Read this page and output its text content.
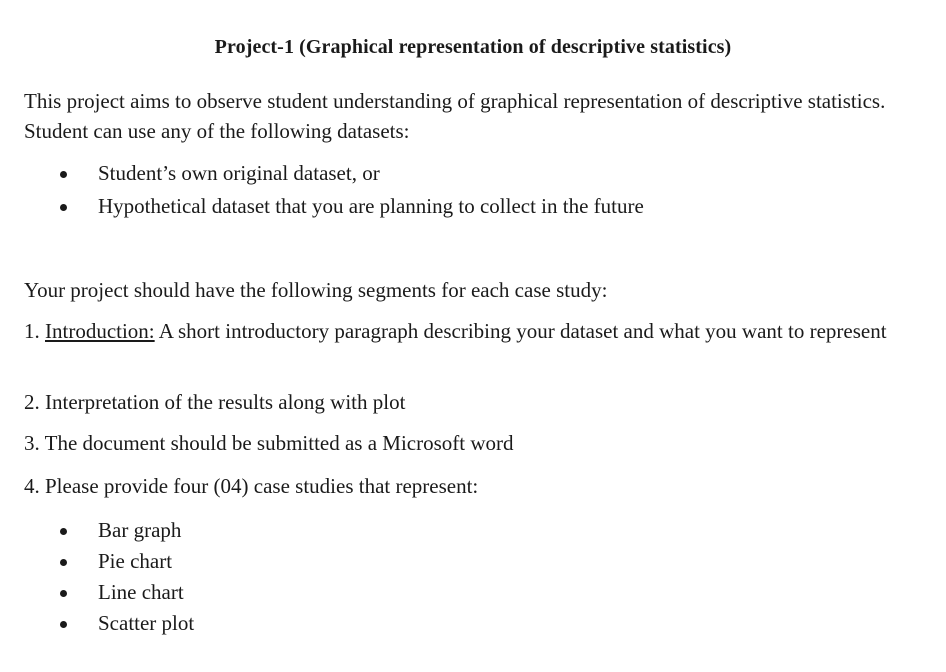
Project-1 (Graphical representation of descriptive statistics)
This project aims to observe student understanding of graphical representation of descriptive statistics. Student can use any of the following datasets:
Student’s own original dataset, or
Hypothetical dataset that you are planning to collect in the future
Your project should have the following segments for each case study:
1. Introduction: A short introductory paragraph describing your dataset and what you want to represent
2. Interpretation of the results along with plot
3. The document should be submitted as a Microsoft word
4. Please provide four (04) case studies that represent:
Bar graph
Pie chart
Line chart
Scatter plot
